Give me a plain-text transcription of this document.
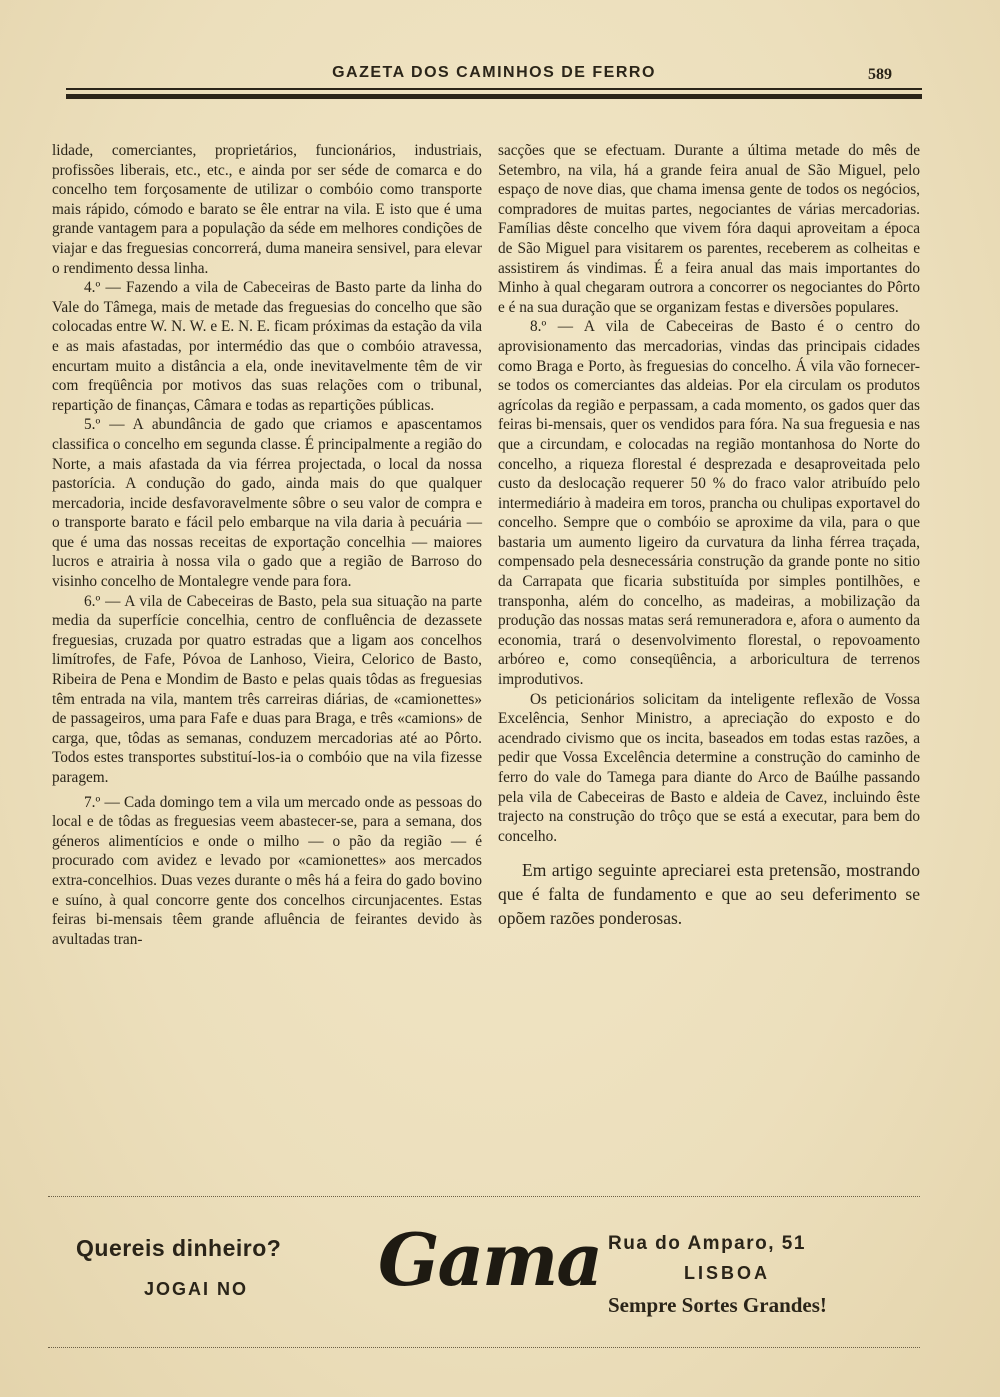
GAZETA DOS CAMINHOS DE FERRO	589

lidade, comerciantes, proprietários, funcionários, industriais, profissões liberais, etc., etc., e ainda por ser séde de comarca e do concelho tem forçosamente de utilizar o combóio como transporte mais rápido, cómodo e barato se êle entrar na vila. E isto que é uma grande vantagem para a população da séde em melhores condições de viajar e das freguesias concorrerá, duma maneira sensivel, para elevar o rendimento dessa linha.

4.º — Fazendo a vila de Cabeceiras de Basto parte da linha do Vale do Tâmega, mais de metade das freguesias do concelho que são colocadas entre W. N. W. e E. N. E. ficam próximas da estação da vila e as mais afastadas, por intermédio das que o combóio atravessa, encurtam muito a distância a ela, onde inevitavelmente têm de vir com freqüência por motivos das suas relações com o tribunal, repartição de finanças, Câmara e todas as repartições públicas.

5.º — A abundância de gado que criamos e apascentamos classifica o concelho em segunda classe. É principalmente a região do Norte, a mais afastada da via férrea projectada, o local da nossa pastorícia. A condução do gado, ainda mais do que qualquer mercadoria, incide desfavoravelmente sôbre o seu valor de compra e o transporte barato e fácil pelo embarque na vila daria à pecuária — que é uma das nossas receitas de exportação concelhia — maiores lucros e atrairia à nossa vila o gado que a região de Barroso do visinho concelho de Montalegre vende para fora.

6.º — A vila de Cabeceiras de Basto, pela sua situação na parte media da superfície concelhia, centro de confluência de dezassete freguesias, cruzada por quatro estradas que a ligam aos concelhos limítrofes, de Fafe, Póvoa de Lanhoso, Vieira, Celorico de Basto, Ribeira de Pena e Mondim de Basto e pelas quais tôdas as freguesias têm entrada na vila, mantem três carreiras diárias, de «camionettes» de passageiros, uma para Fafe e duas para Braga, e três «camions» de carga, que, tôdas as semanas, conduzem mercadorias até ao Pôrto. Todos estes transportes substituí-los-ia o combóio que na vila fizesse paragem.

7.º — Cada domingo tem a vila um mercado onde as pessoas do local e de tôdas as freguesias veem abastecer-se, para a semana, dos géneros alimentícios e onde o milho — o pão da região — é procurado com avidez e levado por «camionettes» aos mercados extra-concelhios. Duas vezes durante o mês há a feira do gado bovino e suíno, à qual concorre gente dos concelhos circunjacentes. Estas feiras bi-mensais têem grande afluência de feirantes devido às avultadas tran-

sacções que se efectuam. Durante a última metade do mês de Setembro, na vila, há a grande feira anual de São Miguel, pelo espaço de nove dias, que chama imensa gente de todos os negócios, compradores de muitas partes, negociantes de várias mercadorias. Famílias dêste concelho que vivem fóra daqui aproveitam a época de São Miguel para visitarem os parentes, receberem as colheitas e assistirem ás vindimas. É a feira anual das mais importantes do Minho à qual chegaram outrora a concorrer os negociantes do Pôrto e é na sua duração que se organizam festas e diversões populares.

8.º — A vila de Cabeceiras de Basto é o centro do aprovisionamento das mercadorias, vindas das principais cidades como Braga e Porto, às freguesias do concelho. Á vila vão fornecer-se todos os comerciantes das aldeias. Por ela circulam os produtos agrícolas da região e perpassam, a cada momento, os gados quer das feiras bi-mensais, quer os vendidos para fóra. Na sua freguesia e nas que a circundam, e colocadas na região montanhosa do Norte do concelho, a riqueza florestal é desprezada e desaproveitada pelo custo da deslocação requerer 50 % do fraco valor atribuído pelo intermediário à madeira em toros, prancha ou chulipas exportavel do concelho. Sempre que o combóio se aproxime da vila, para o que bastaria um aumento ligeiro da curvatura da linha férrea traçada, compensado pela desnecessária construção da grande ponte no sitio da Carrapata que ficaria substituída por simples pontilhões, e transponha, além do concelho, as madeiras, a mobilização da produção das nossas matas será remuneradora e, afora o aumento da economia, trará o desenvolvimento florestal, o repovoamento arbóreo e, como conseqüência, a arboricultura de terrenos improdutivos.

Os peticionários solicitam da inteligente reflexão de Vossa Excelência, Senhor Ministro, a apreciação do exposto e do acendrado civismo que os incita, baseados em todas estas razões, a pedir que Vossa Excelência determine a construção do caminho de ferro do vale do Tamega para diante do Arco de Baúlhe passando pela vila de Cabeceiras de Basto e aldeia de Cavez, incluindo êste trajecto na construção do trôço que se está a executar, para bem do concelho.

Em artigo seguinte apreciarei esta pretensão, mostrando que é falta de fundamento e que ao seu deferimento se opõem razões ponderosas.

Quereis dinheiro?
JOGAI NO Gama Rua do Amparo, 51
LISBOA
Sempre Sortes Grandes!
